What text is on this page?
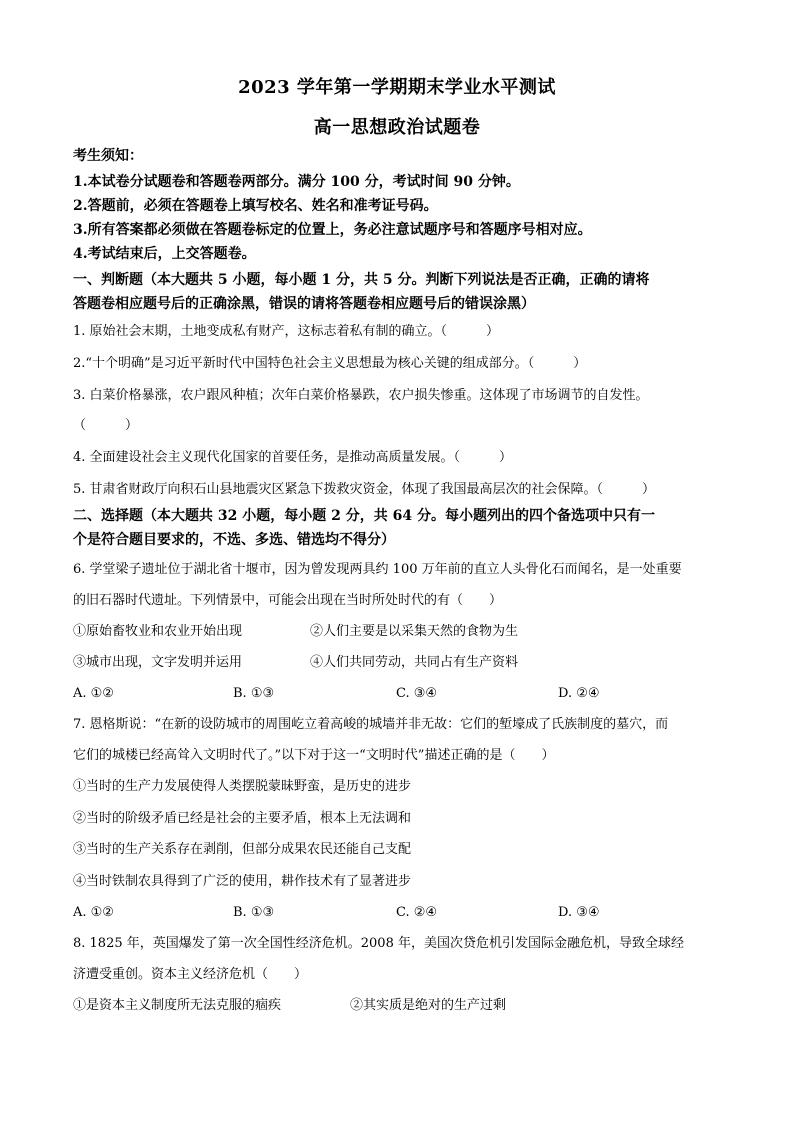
2023 学年第一学期期末学业水平测试
高一思想政治试题卷
考生须知：
1.本试卷分试题卷和答题卷两部分。满分 100 分，考试时间 90 分钟。
2.答题前，必须在答题卷上填写校名、姓名和准考证号码。
3.所有答案都必须做在答题卷标定的位置上，务必注意试题序号和答题序号相对应。
4.考试结束后，上交答题卷。
一、判断题（本大题共 5 小题，每小题 1 分，共 5 分。判断下列说法是否正确，正确的请将
答题卷相应题号后的正确涂黑，错误的请将答题卷相应题号后的错误涂黑）
1. 原始社会末期，土地变成私有财产，这标志着私有制的确立。（　　　）
2.“十个明确”是习近平新时代中国特色社会主义思想最为核心关键的组成部分。（　　　）
3. 白菜价格暴涨，农户跟风种植；次年白菜价格暴跌，农户损失惨重。这体现了市场调节的自发性。
（　　　）
4. 全面建设社会主义现代化国家的首要任务，是推动高质量发展。（　　　）
5. 甘肃省财政厅向积石山县地震灾区紧急下拨救灾资金，体现了我国最高层次的社会保障。（　　　）
二、选择题（本大题共 32 小题，每小题 2 分，共 64 分。每小题列出的四个备选项中只有一
个是符合题目要求的，不选、多选、错选均不得分）
6. 学堂梁子遗址位于湖北省十堰市，因为曾发现两具约 100 万年前的直立人头骨化石而闻名，是一处重要
的旧石器时代遗址。下列情景中，可能会出现在当时所处时代的有（　　）
①原始畜牧业和农业开始出现	②人们主要是以采集天然的食物为生
③城市出现，文字发明并运用	④人们共同劳动，共同占有生产资料
A. ①②	B. ①③	C. ③④	D. ②④
7. 恩格斯说：“在新的设防城市的周围屹立着高峻的城墙并非无故：它们的堑壕成了氏族制度的墓穴，而
它们的城楼已经高耸入文明时代了。”以下对于这一“文明时代”描述正确的是（　　）
①当时的生产力发展使得人类摆脱蒙昧野蛮，是历史的进步
②当时的阶级矛盾已经是社会的主要矛盾，根本上无法调和
③当时的生产关系存在剥削，但部分成果农民还能自己支配
④当时铁制农具得到了广泛的使用，耕作技术有了显著进步
A. ①②	B. ①③	C. ②④	D. ③④
8. 1825 年，英国爆发了第一次全国性经济危机。2008 年，美国次贷危机引发国际金融危机，导致全球经
济遭受重创。资本主义经济危机（　　）
①是资本主义制度所无法克服的痼疾	②其实质是绝对的生产过剩
